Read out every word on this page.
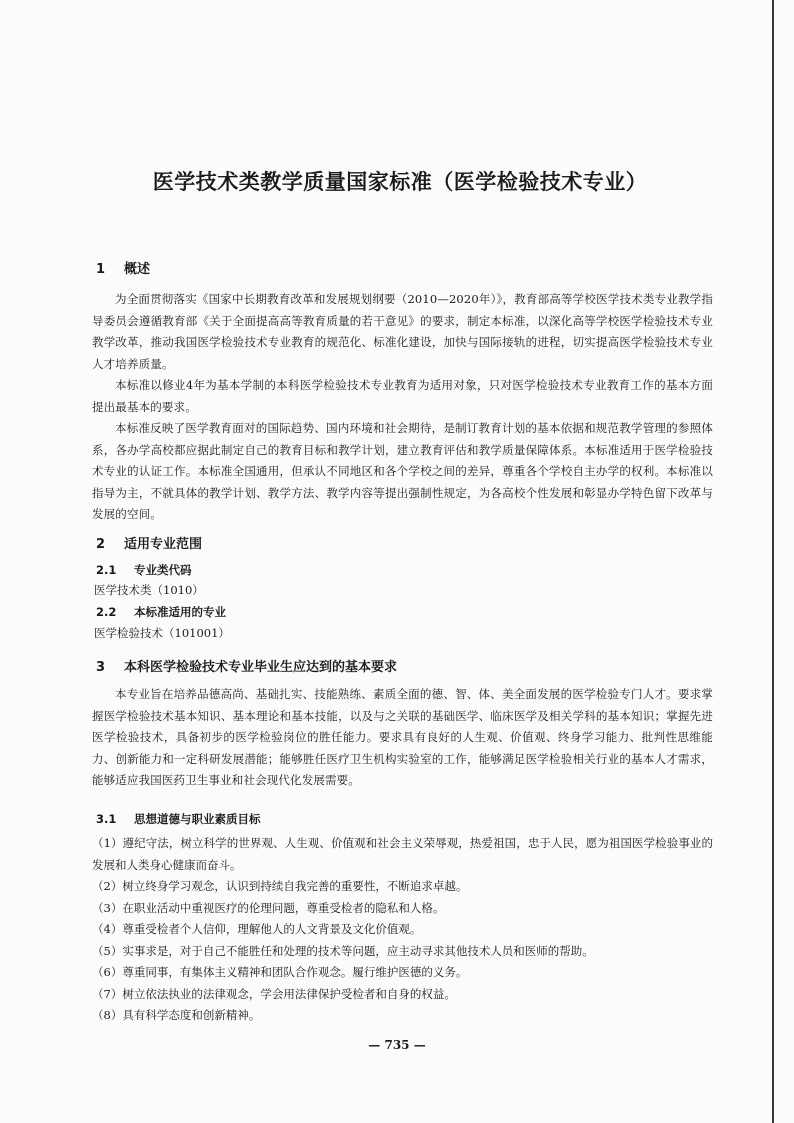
医学技术类教学质量国家标准（医学检验技术专业）
1 概述

为全面贯彻落实《国家中长期教育改革和发展规划纲要（2010—2020年）》，教育部高等学校医学技术类专业教学指导委员会遵循教育部《关于全面提高高等教育质量的若干意见》的要求，制定本标准，以深化高等学校医学检验技术专业教学改革，推动我国医学检验技术专业教育的规范化、标准化建设，加快与国际接轨的进程，切实提高医学检验技术专业人才培养质量。

本标准以修业4年为基本学制的本科医学检验技术专业教育为适用对象，只对医学检验技术专业教育工作的基本方面提出最基本的要求。

本标准反映了医学教育面对的国际趋势、国内环境和社会期待，是制订教育计划的基本依据和规范教学管理的参照体系，各办学高校都应据此制定自己的教育目标和教学计划，建立教育评估和教学质量保障体系。本标准适用于医学检验技术专业的认证工作。本标准全国通用，但承认不同地区和各个学校之间的差异，尊重各个学校自主办学的权利。本标准以指导为主，不就具体的教学计划、教学方法、教学内容等提出强制性规定，为各高校个性发展和彰显办学特色留下改革与发展的空间。

2 适用专业范围
2.1 专业类代码

医学技术类（1010）

2.2 本标准适用的专业

医学检验技术（101001）

3 本科医学检验技术专业毕业生应达到的基本要求

本专业旨在培养品德高尚、基础扎实、技能熟练、素质全面的德、智、体、美全面发展的医学检验专门人才。要求掌握医学检验技术基本知识、基本理论和基本技能，以及与之关联的基础医学、临床医学及相关学科的基本知识；掌握先进医学检验技术，具备初步的医学检验岗位的胜任能力。要求具有良好的人生观、价值观、终身学习能力、批判性思维能力、创新能力和一定科研发展潜能；能够胜任医疗卫生机构实验室的工作，能够满足医学检验相关行业的基本人才需求，能够适应我国医药卫生事业和社会现代化发展需要。

3.1 思想道德与职业素质目标

（1）遵纪守法，树立科学的世界观、人生观、价值观和社会主义荣辱观，热爱祖国，忠于人民，愿为祖国医学检验事业的发展和人类身心健康而奋斗。

（2）树立终身学习观念，认识到持续自我完善的重要性，不断追求卓越。

（3）在职业活动中重视医疗的伦理问题，尊重受检者的隐私和人格。

（4）尊重受检者个人信仰，理解他人的人文背景及文化价值观。

（5）实事求是，对于自己不能胜任和处理的技术等问题，应主动寻求其他技术人员和医师的帮助。

（6）尊重同事，有集体主义精神和团队合作观念。履行维护医德的义务。

（7）树立依法执业的法律观念，学会用法律保护受检者和自身的权益。

（8）具有科学态度和创新精神。

— 735 —
